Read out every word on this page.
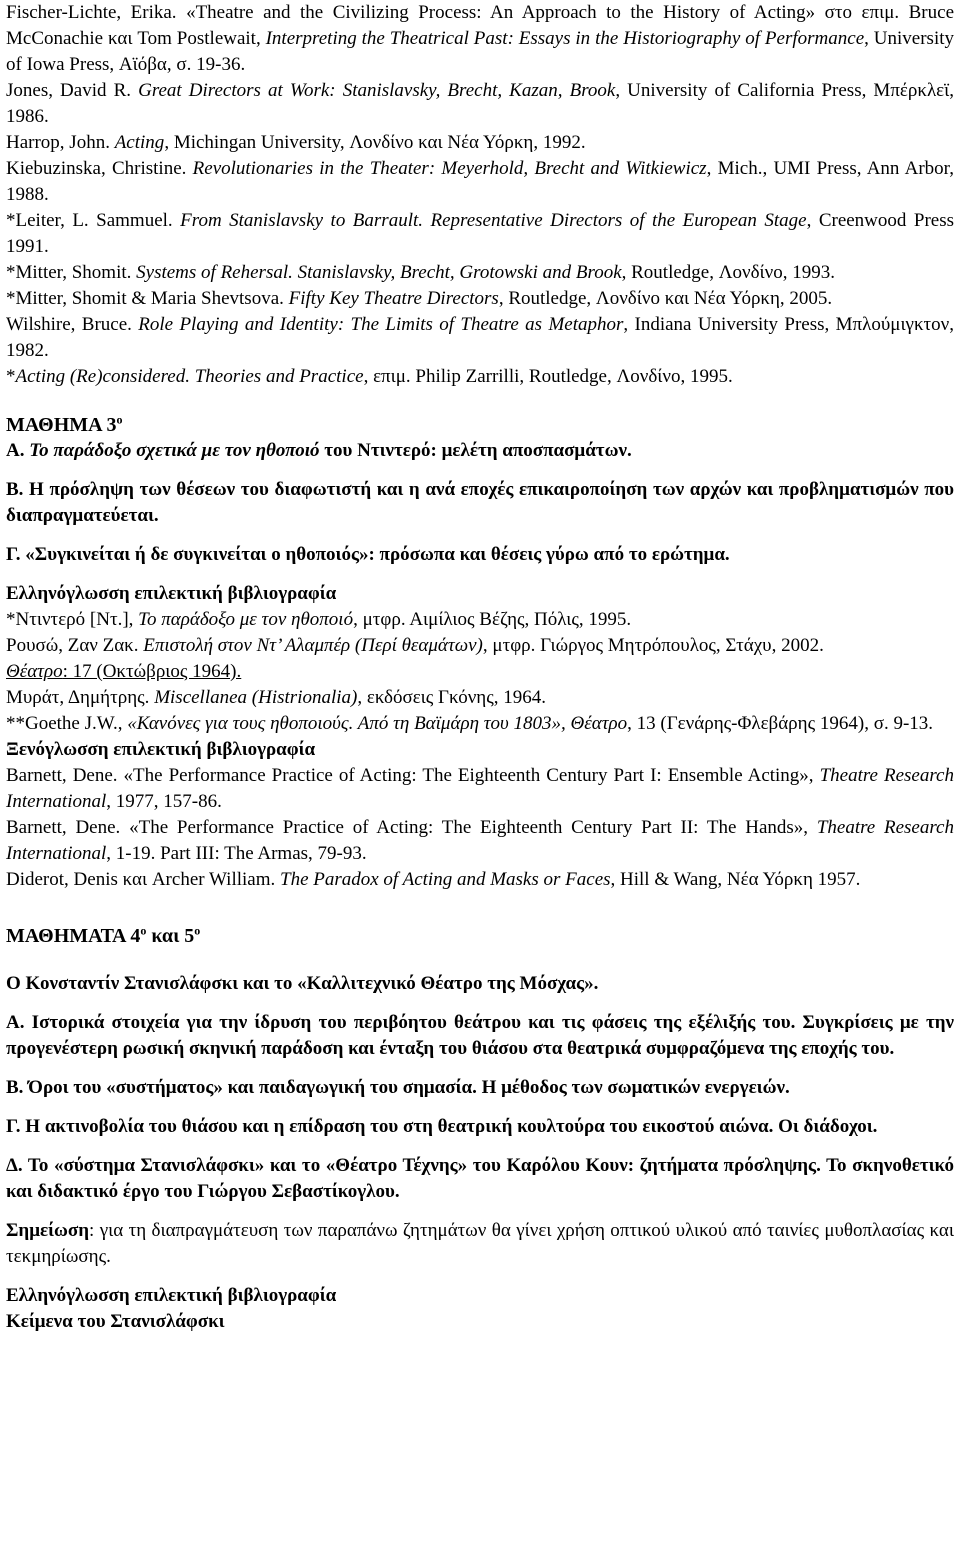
Fischer-Lichte, Erika. «Theatre and the Civilizing Process: An Approach to the History of Acting» στο επιμ. Bruce McConachie και Tom Postlewait, Interpreting the Theatrical Past: Essays in the Historiography of Performance, University of Iowa Press, Αϊόβα, σ. 19-36.

Jones, David R. Great Directors at Work: Stanislavsky, Brecht, Kazan, Brook, University of California Press, Μπέρκλεϊ, 1986.

Harrop, John. Acting, Michingan University, Λονδίνο και Νέα Υόρκη, 1992.

Kiebuzinska, Christine. Revolutionaries in the Theater: Meyerhold, Brecht and Witkiewicz, Mich., UMI Press, Ann Arbor, 1988.

*Leiter, L. Sammuel. From Stanislavsky to Barrault. Representative Directors of the European Stage, Creenwood Press 1991.

*Mitter, Shomit. Systems of Rehersal. Stanislavsky, Brecht, Grotowski and Brook, Routledge, Λονδίνο, 1993.

*Mitter, Shomit & Maria Shevtsova. Fifty Key Theatre Directors, Routledge, Λονδίνο και Νέα Υόρκη, 2005.

Wilshire, Bruce. Role Playing and Identity: The Limits of Theatre as Metaphor, Indiana University Press, Μπλούμιγκτον, 1982.

*Acting (Re)considered. Theories and Practice, επιμ. Philip Zarrilli, Routledge, Λονδίνο, 1995.

ΜΑΘΗΜΑ $3^o$

Α. Το παράδοξο σχετικά με τον ηθοποιό του Ντιντερό: μελέτη αποσπασμάτων.

Β. Η πρόσληψη των θέσεων του διαφωτιστή και η ανά εποχές επικαιροποίηση των αρχών και προβληματισμών που διαπραγματεύεται.

Γ. «Συγκινείται ή δε συγκινείται ο ηθοποιός»: πρόσωπα και θέσεις γύρω από το ερώτημα.

Ελληνόγλωσση επιλεκτική βιβλιογραφία

*Ντιντερό [Ντ.], Το παράδοξο με τον ηθοποιό, μτφρ. Αιμίλιος Βέζης, Πόλις, 1995.

Ρουσώ, Ζαν Ζακ. Επιστολή στον Ντ’ Αλαμπέρ (Περί θεαμάτων), μτφρ. Γιώργος Μητρόπουλος, Στάχυ, 2002.

Θέατρο: 17 (Οκτώβριος 1964).

Μυράτ, Δημήτρης. Miscellanea (Histrionalia), εκδόσεις Γκόνης, 1964.

**Goethe J.W., «Κανόνες για τους ηθοποιούς. Από τη Βαϊμάρη του 1803», Θέατρο, 13 (Γενάρης-Φλεβάρης 1964), σ. 9-13.

Ξενόγλωσση επιλεκτική βιβλιογραφία

Barnett, Dene. «The Performance Practice of Acting: The Eighteenth Century Part I: Ensemble Acting», Theatre Research International, 1977, 157-86.

Barnett, Dene. «The Performance Practice of Acting: The Eighteenth Century Part II: The Hands», Theatre Research International, 1-19. Part III: The Armas, 79-93.

Diderot, Denis και Archer William. The Paradox of Acting and Masks or Faces, Hill & Wang, Νέα Υόρκη 1957.

ΜΑΘΗΜΑΤΑ $4^o$ και $5^o$

Ο Κονσταντίν Στανισλάφσκι και το «Καλλιτεχνικό Θέατρο της Μόσχας».

Α. Ιστορικά στοιχεία για την ίδρυση του περιβόητου θεάτρου και τις φάσεις της εξέλιξής του. Συγκρίσεις με την προγενέστερη ρωσική σκηνική παράδοση και ένταξη του θιάσου στα θεατρικά συμφραζόμενα της εποχής του.

Β. Όροι του «συστήματος» και παιδαγωγική του σημασία. Η μέθοδος των σωματικών ενεργειών.

Γ. Η ακτινοβολία του θιάσου και η επίδραση του στη θεατρική κουλτούρα του εικοστού αιώνα. Οι διάδοχοι.

Δ. Το «σύστημα Στανισλάφσκι» και το «Θέατρο Τέχνης» του Καρόλου Κουν: ζητήματα πρόσληψης. Το σκηνοθετικό και διδακτικό έργο του Γιώργου Σεβαστίκογλου.

Σημείωση: για τη διαπραγμάτευση των παραπάνω ζητημάτων θα γίνει χρήση οπτικού υλικού από ταινίες μυθοπλασίας και τεκμηρίωσης.

Ελληνόγλωσση επιλεκτική βιβλιογραφία

Κείμενα του Στανισλάφσκι
